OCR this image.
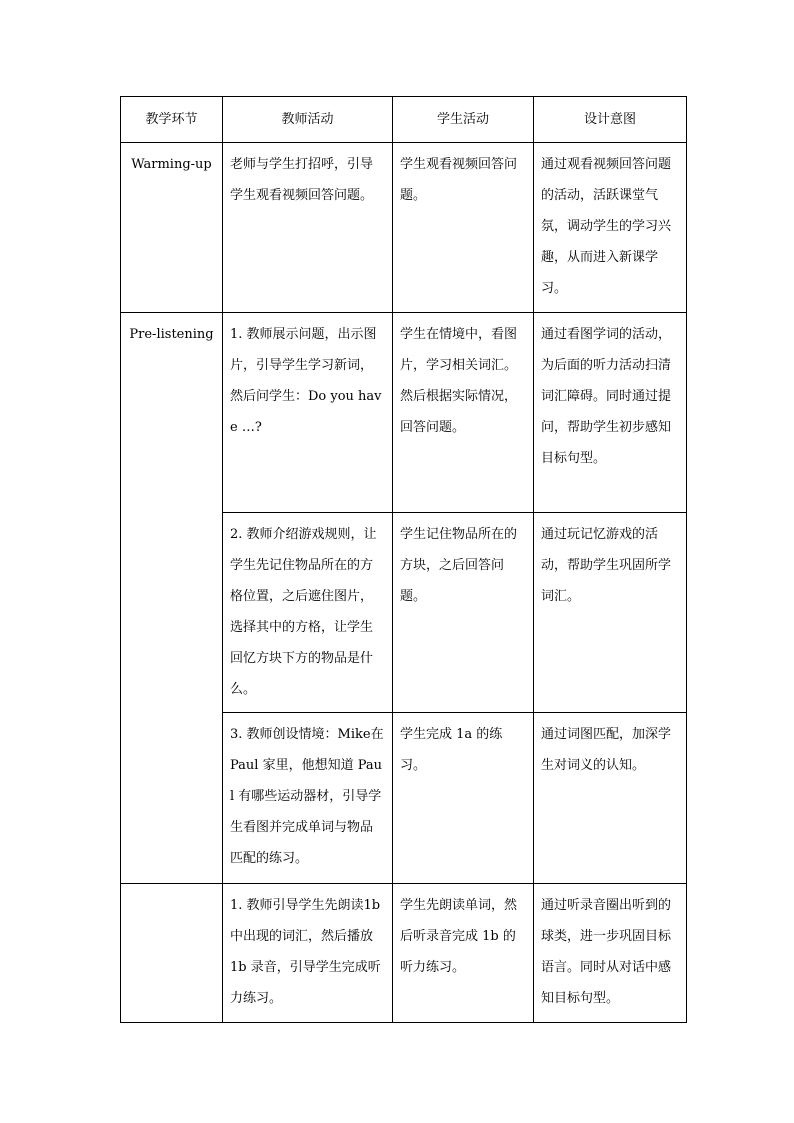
教学环节	教师活动	学生活动	设计意图
Warming-up	老师与学生打招呼，引导学生观看视频回答问题。	学生观看视频回答问题。	通过观看视频回答问题的活动，活跃课堂气氛，调动学生的学习兴趣，从而进入新课学习。
Pre-listening	1. 教师展示问题，出示图片，引导学生学习新词，然后问学生：Do you have …?	学生在情境中，看图片，学习相关词汇。然后根据实际情况，回答问题。	通过看图学词的活动，为后面的听力活动扫清词汇障碍。同时通过提问，帮助学生初步感知目标句型。
	2. 教师介绍游戏规则，让学生先记住物品所在的方格位置，之后遮住图片，选择其中的方格，让学生回忆方块下方的物品是什么。	学生记住物品所在的方块，之后回答问题。	通过玩记忆游戏的活动，帮助学生巩固所学词汇。
	3. 教师创设情境：Mike在 Paul 家里，他想知道 Paul 有哪些运动器材，引导学生看图并完成单词与物品匹配的练习。	学生完成 1a 的练习。	通过词图匹配，加深学生对词义的认知。
	1. 教师引导学生先朗读1b 中出现的词汇，然后播放 1b 录音，引导学生完成听力练习。	学生先朗读单词，然后听录音完成 1b 的听力练习。	通过听录音圈出听到的球类，进一步巩固目标语言。同时从对话中感知目标句型。
